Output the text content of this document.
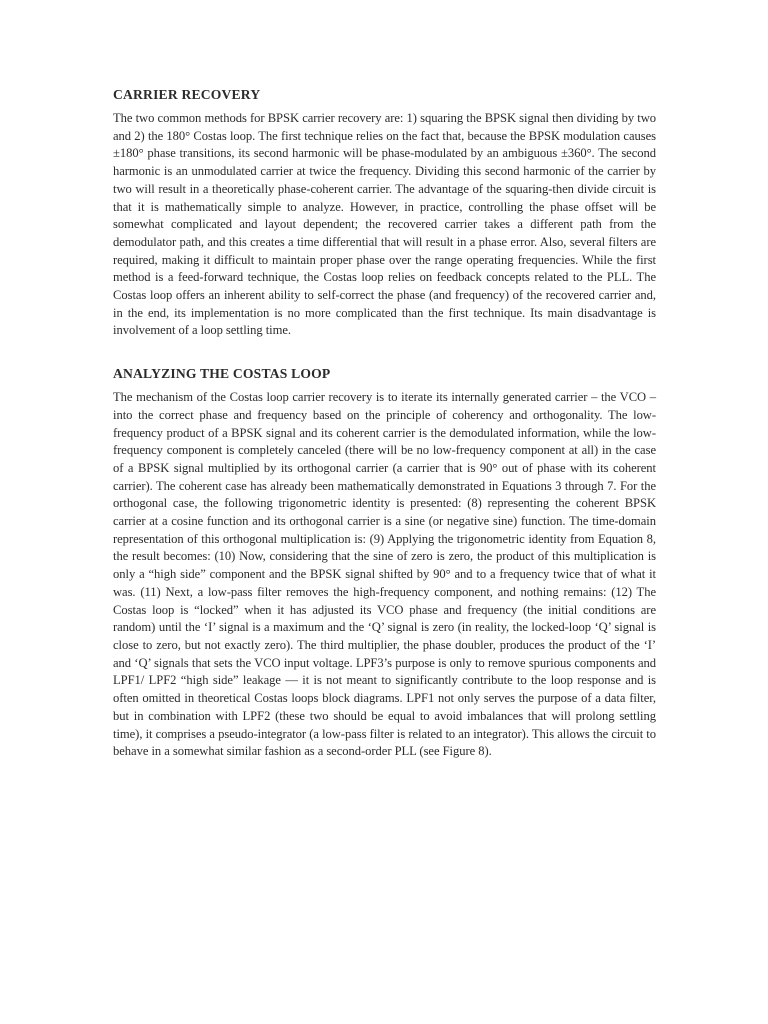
CARRIER RECOVERY

The two common methods for BPSK carrier recovery are: 1) squaring the BPSK signal then dividing by two and 2) the 180° Costas loop. The first technique relies on the fact that, because the BPSK modulation causes ±180° phase transitions, its second harmonic will be phase-modulated by an ambiguous ±360°. The second harmonic is an unmodulated carrier at twice the frequency. Dividing this second harmonic of the carrier by two will result in a theoretically phase-coherent carrier. The advantage of the squaring-then divide circuit is that it is mathematically simple to analyze. However, in practice, controlling the phase offset will be somewhat complicated and layout dependent; the recovered carrier takes a different path from the demodulator path, and this creates a time differential that will result in a phase error. Also, several filters are required, making it difficult to maintain proper phase over the range operating frequencies. While the first method is a feed-forward technique, the Costas loop relies on feedback concepts related to the PLL. The Costas loop offers an inherent ability to self-correct the phase (and frequency) of the recovered carrier and, in the end, its implementation is no more complicated than the first technique. Its main disadvantage is involvement of a loop settling time.

ANALYZING THE COSTAS LOOP

The mechanism of the Costas loop carrier recovery is to iterate its internally generated carrier – the VCO – into the correct phase and frequency based on the principle of coherency and orthogonality. The low-frequency product of a BPSK signal and its coherent carrier is the demodulated information, while the low-frequency component is completely canceled (there will be no low-frequency component at all) in the case of a BPSK signal multiplied by its orthogonal carrier (a carrier that is 90° out of phase with its coherent carrier). The coherent case has already been mathematically demonstrated in Equations 3 through 7. For the orthogonal case, the following trigonometric identity is presented: (8) representing the coherent BPSK carrier at a cosine function and its orthogonal carrier is a sine (or negative sine) function. The time-domain representation of this orthogonal multiplication is: (9) Applying the trigonometric identity from Equation 8, the result becomes: (10) Now, considering that the sine of zero is zero, the product of this multiplication is only a “high side” component and the BPSK signal shifted by 90° and to a frequency twice that of what it was. (11) Next, a low-pass filter removes the high-frequency component, and nothing remains: (12) The Costas loop is “locked” when it has adjusted its VCO phase and frequency (the initial conditions are random) until the ‘I’ signal is a maximum and the ‘Q’ signal is zero (in reality, the locked-loop ‘Q’ signal is close to zero, but not exactly zero). The third multiplier, the phase doubler, produces the product of the ‘I’ and ‘Q’ signals that sets the VCO input voltage. LPF3’s purpose is only to remove spurious components and LPF1/ LPF2 “high side” leakage — it is not meant to significantly contribute to the loop response and is often omitted in theoretical Costas loops block diagrams. LPF1 not only serves the purpose of a data filter, but in combination with LPF2 (these two should be equal to avoid imbalances that will prolong settling time), it comprises a pseudo-integrator (a low-pass filter is related to an integrator). This allows the circuit to behave in a somewhat similar fashion as a second-order PLL (see Figure 8).
